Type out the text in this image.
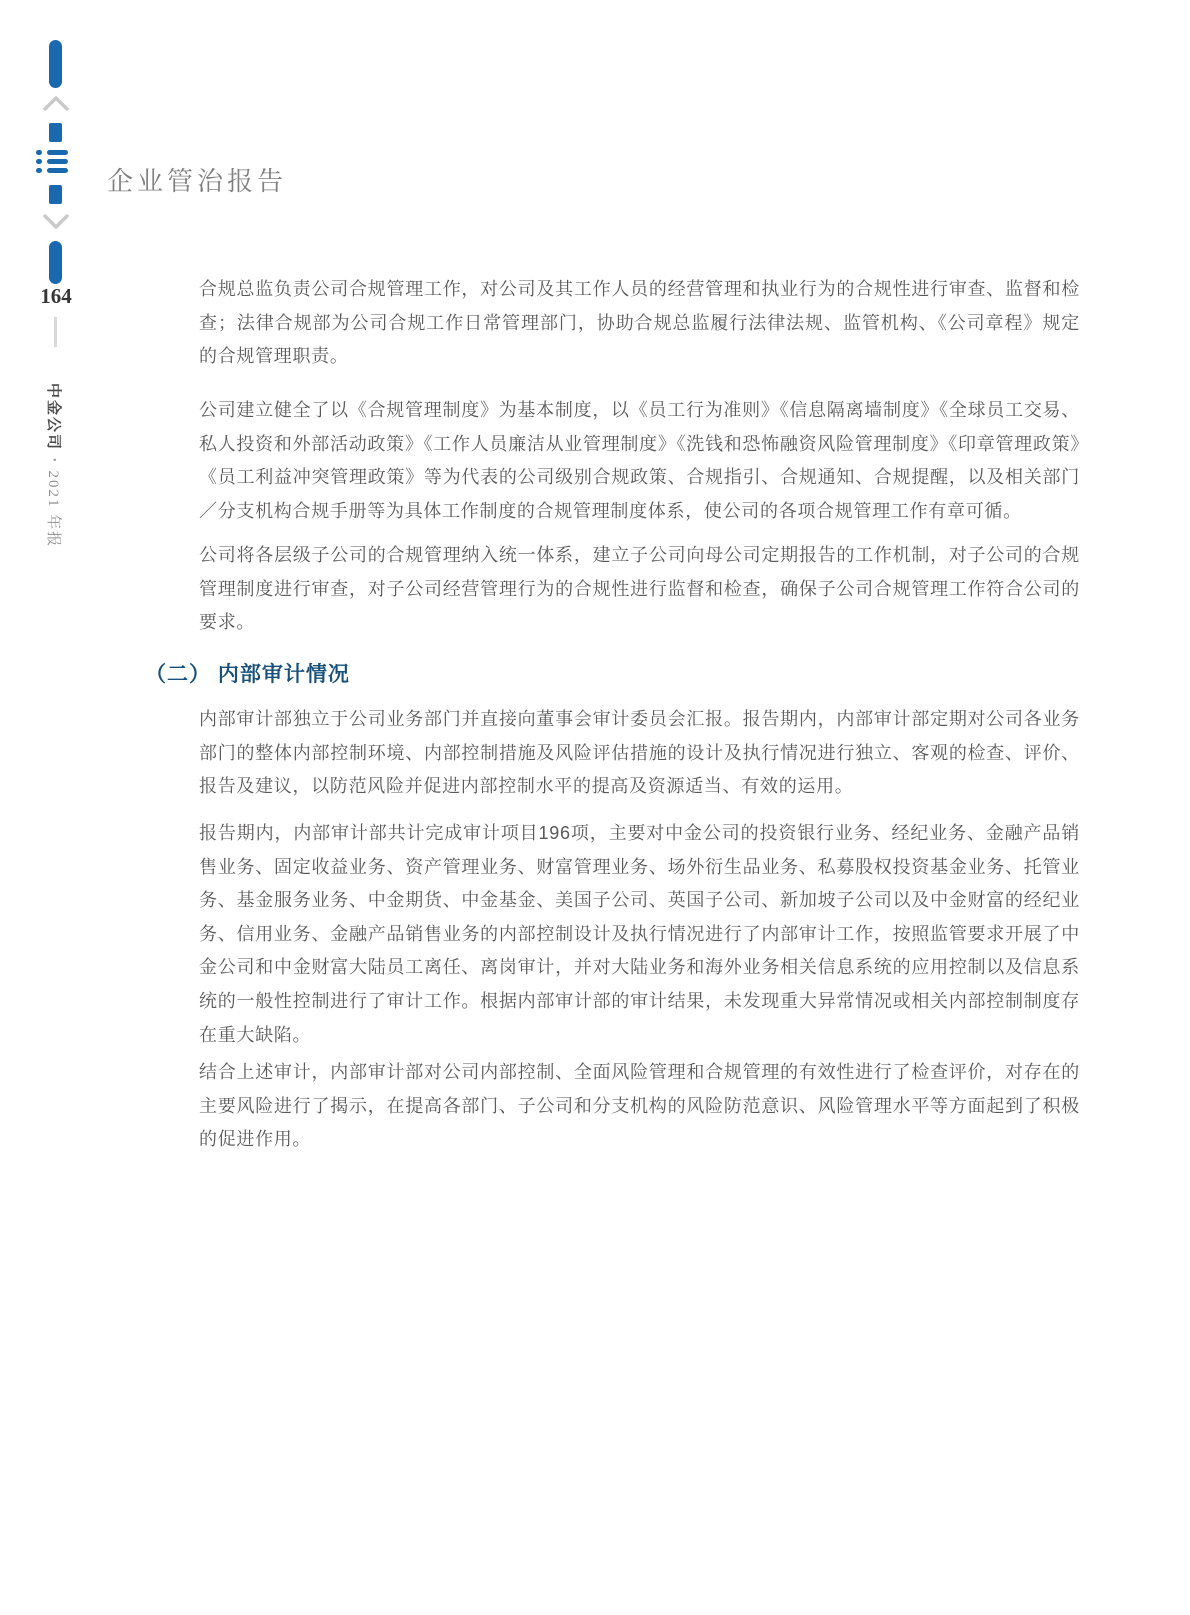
164
中金公司•2021 年报
企业管治报告

合规总监负责公司合规管理工作，对公司及其工作人员的经营管理和执业行为的合规性进行审查、监督和检查；法律合规部为公司合规工作日常管理部门，协助合规总监履行法律法规、监管机构、《公司章程》规定的合规管理职责。

公司建立健全了以《合规管理制度》为基本制度，以《员工行为准则》《信息隔离墙制度》《全球员工交易、私人投资和外部活动政策》《工作人员廉洁从业管理制度》《洗钱和恐怖融资风险管理制度》《印章管理政策》《员工利益冲突管理政策》等为代表的公司级别合规政策、合规指引、合规通知、合规提醒，以及相关部门／分支机构合规手册等为具体工作制度的合规管理制度体系，使公司的各项合规管理工作有章可循。

公司将各层级子公司的合规管理纳入统一体系，建立子公司向母公司定期报告的工作机制，对子公司的合规管理制度进行审查，对子公司经营管理行为的合规性进行监督和检查，确保子公司合规管理工作符合公司的要求。

（二） 内部审计情况

内部审计部独立于公司业务部门并直接向董事会审计委员会汇报。报告期内，内部审计部定期对公司各业务部门的整体内部控制环境、内部控制措施及风险评估措施的设计及执行情况进行独立、客观的检查、评价、报告及建议，以防范风险并促进内部控制水平的提高及资源适当、有效的运用。

报告期内，内部审计部共计完成审计项目196项，主要对中金公司的投资银行业务、经纪业务、金融产品销售业务、固定收益业务、资产管理业务、财富管理业务、场外衍生品业务、私募股权投资基金业务、托管业务、基金服务业务、中金期货、中金基金、美国子公司、英国子公司、新加坡子公司以及中金财富的经纪业务、信用业务、金融产品销售业务的内部控制设计及执行情况进行了内部审计工作，按照监管要求开展了中金公司和中金财富大陆员工离任、离岗审计，并对大陆业务和海外业务相关信息系统的应用控制以及信息系统的一般性控制进行了审计工作。根据内部审计部的审计结果，未发现重大异常情况或相关内部控制制度存在重大缺陷。

结合上述审计，内部审计部对公司内部控制、全面风险管理和合规管理的有效性进行了检查评价，对存在的主要风险进行了揭示，在提高各部门、子公司和分支机构的风险防范意识、风险管理水平等方面起到了积极的促进作用。
